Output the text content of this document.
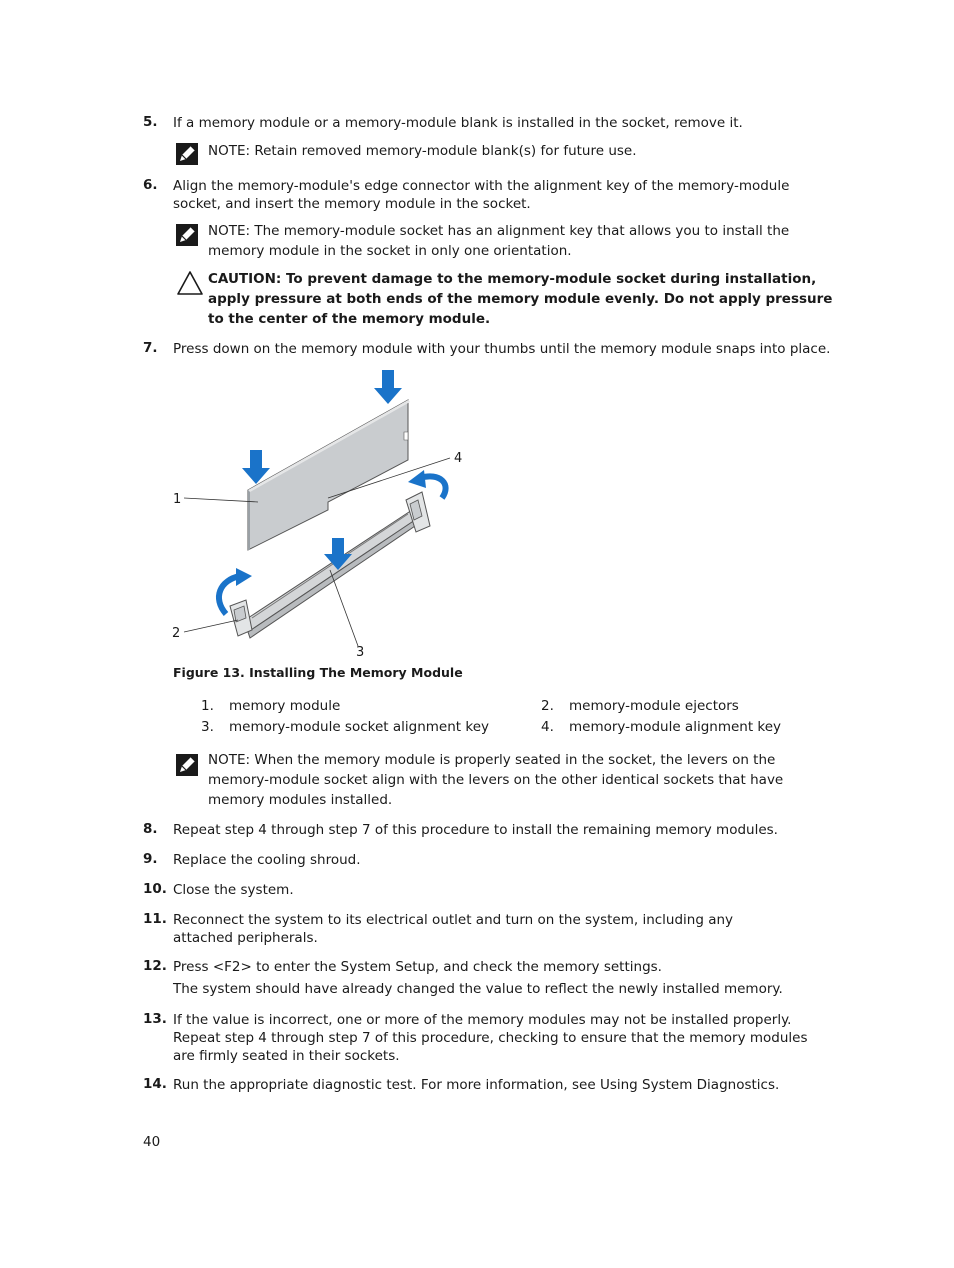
5. If a memory module or a memory-module blank is installed in the socket, remove it.
NOTE: Retain removed memory-module blank(s) for future use.
6. Align the memory-module's edge connector with the alignment key of the memory-module socket, and insert the memory module in the socket.
NOTE: The memory-module socket has an alignment key that allows you to install the memory module in the socket in only one orientation.
CAUTION: To prevent damage to the memory-module socket during installation, apply pressure at both ends of the memory module evenly. Do not apply pressure to the center of the memory module.
7. Press down on the memory module with your thumbs until the memory module snaps into place.
1
2
3
4
Figure 13. Installing The Memory Module
1. memory module	2. memory-module ejectors
3. memory-module socket alignment key	4. memory-module alignment key
NOTE: When the memory module is properly seated in the socket, the levers on the memory-module socket align with the levers on the other identical sockets that have memory modules installed.
8. Repeat step 4 through step 7 of this procedure to install the remaining memory modules.
9. Replace the cooling shroud.
10. Close the system.
11. Reconnect the system to its electrical outlet and turn on the system, including any attached peripherals.
12. Press <F2> to enter the System Setup, and check the memory settings.
The system should have already changed the value to reflect the newly installed memory.
13. If the value is incorrect, one or more of the memory modules may not be installed properly. Repeat step 4 through step 7 of this procedure, checking to ensure that the memory modules are firmly seated in their sockets.
14. Run the appropriate diagnostic test. For more information, see Using System Diagnostics.
40
